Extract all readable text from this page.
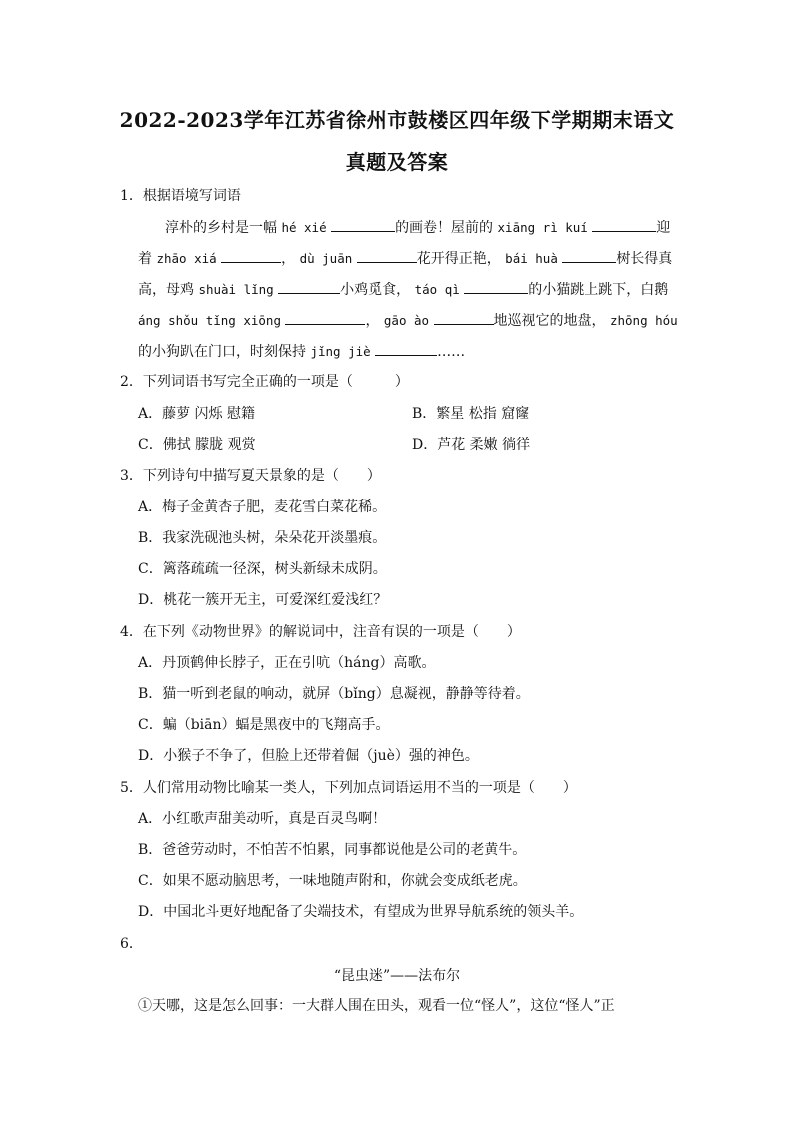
2022-2023学年江苏省徐州市鼓楼区四年级下学期期末语文
真题及答案
1．根据语境写词语
淳朴的乡村是一幅 hé xié	的画卷！屋前的 xiāng rì kuí	迎
着 zhāo xiá	， dù juān	花开得正艳， bái huà	树长得真
高，母鸡 shuài lǐng	小鸡觅食， táo qì	的小猫跳上跳下，白鹅
áng shǒu tǐng xiōng	， gāo ào	地巡视它的地盘， zhōng hóu
的小狗趴在门口，时刻保持 jǐng jiè	……
2．下列词语书写完全正确的一项是（　　　）
A．藤萝 闪烁 慰籍	B．繁星 松指 窟窿
C．佛拭 朦胧 观赏	D．芦花 柔嫩 徜徉
3．下列诗句中描写夏天景象的是（　　）
A．梅子金黄杏子肥，麦花雪白菜花稀。
B．我家洗砚池头树，朵朵花开淡墨痕。
C．篱落疏疏一径深，树头新绿未成阴。
D．桃花一簇开无主，可爱深红爱浅红？
4．在下列《动物世界》的解说词中，注音有误的一项是（　　）
A．丹顶鹤伸长脖子，正在引吭（háng）高歌。
B．猫一听到老鼠的响动，就屏（bǐng）息凝视，静静等待着。
C．蝙（biān）蝠是黑夜中的飞翔高手。
D．小猴子不争了，但脸上还带着倔（juè）强的神色。
5．人们常用动物比喻某一类人，下列加点词语运用不当的一项是（　　）
A．小红歌声甜美动听，真是百灵鸟啊！
B．爸爸劳动时，不怕苦不怕累，同事都说他是公司的老黄牛。
C．如果不愿动脑思考，一味地随声附和，你就会变成纸老虎。
D．中国北斗更好地配备了尖端技术，有望成为世界导航系统的领头羊。
6．
“昆虫迷”——法布尔
①天哪，这是怎么回事：一大群人围在田头，观看一位“怪人”，这位“怪人”正
